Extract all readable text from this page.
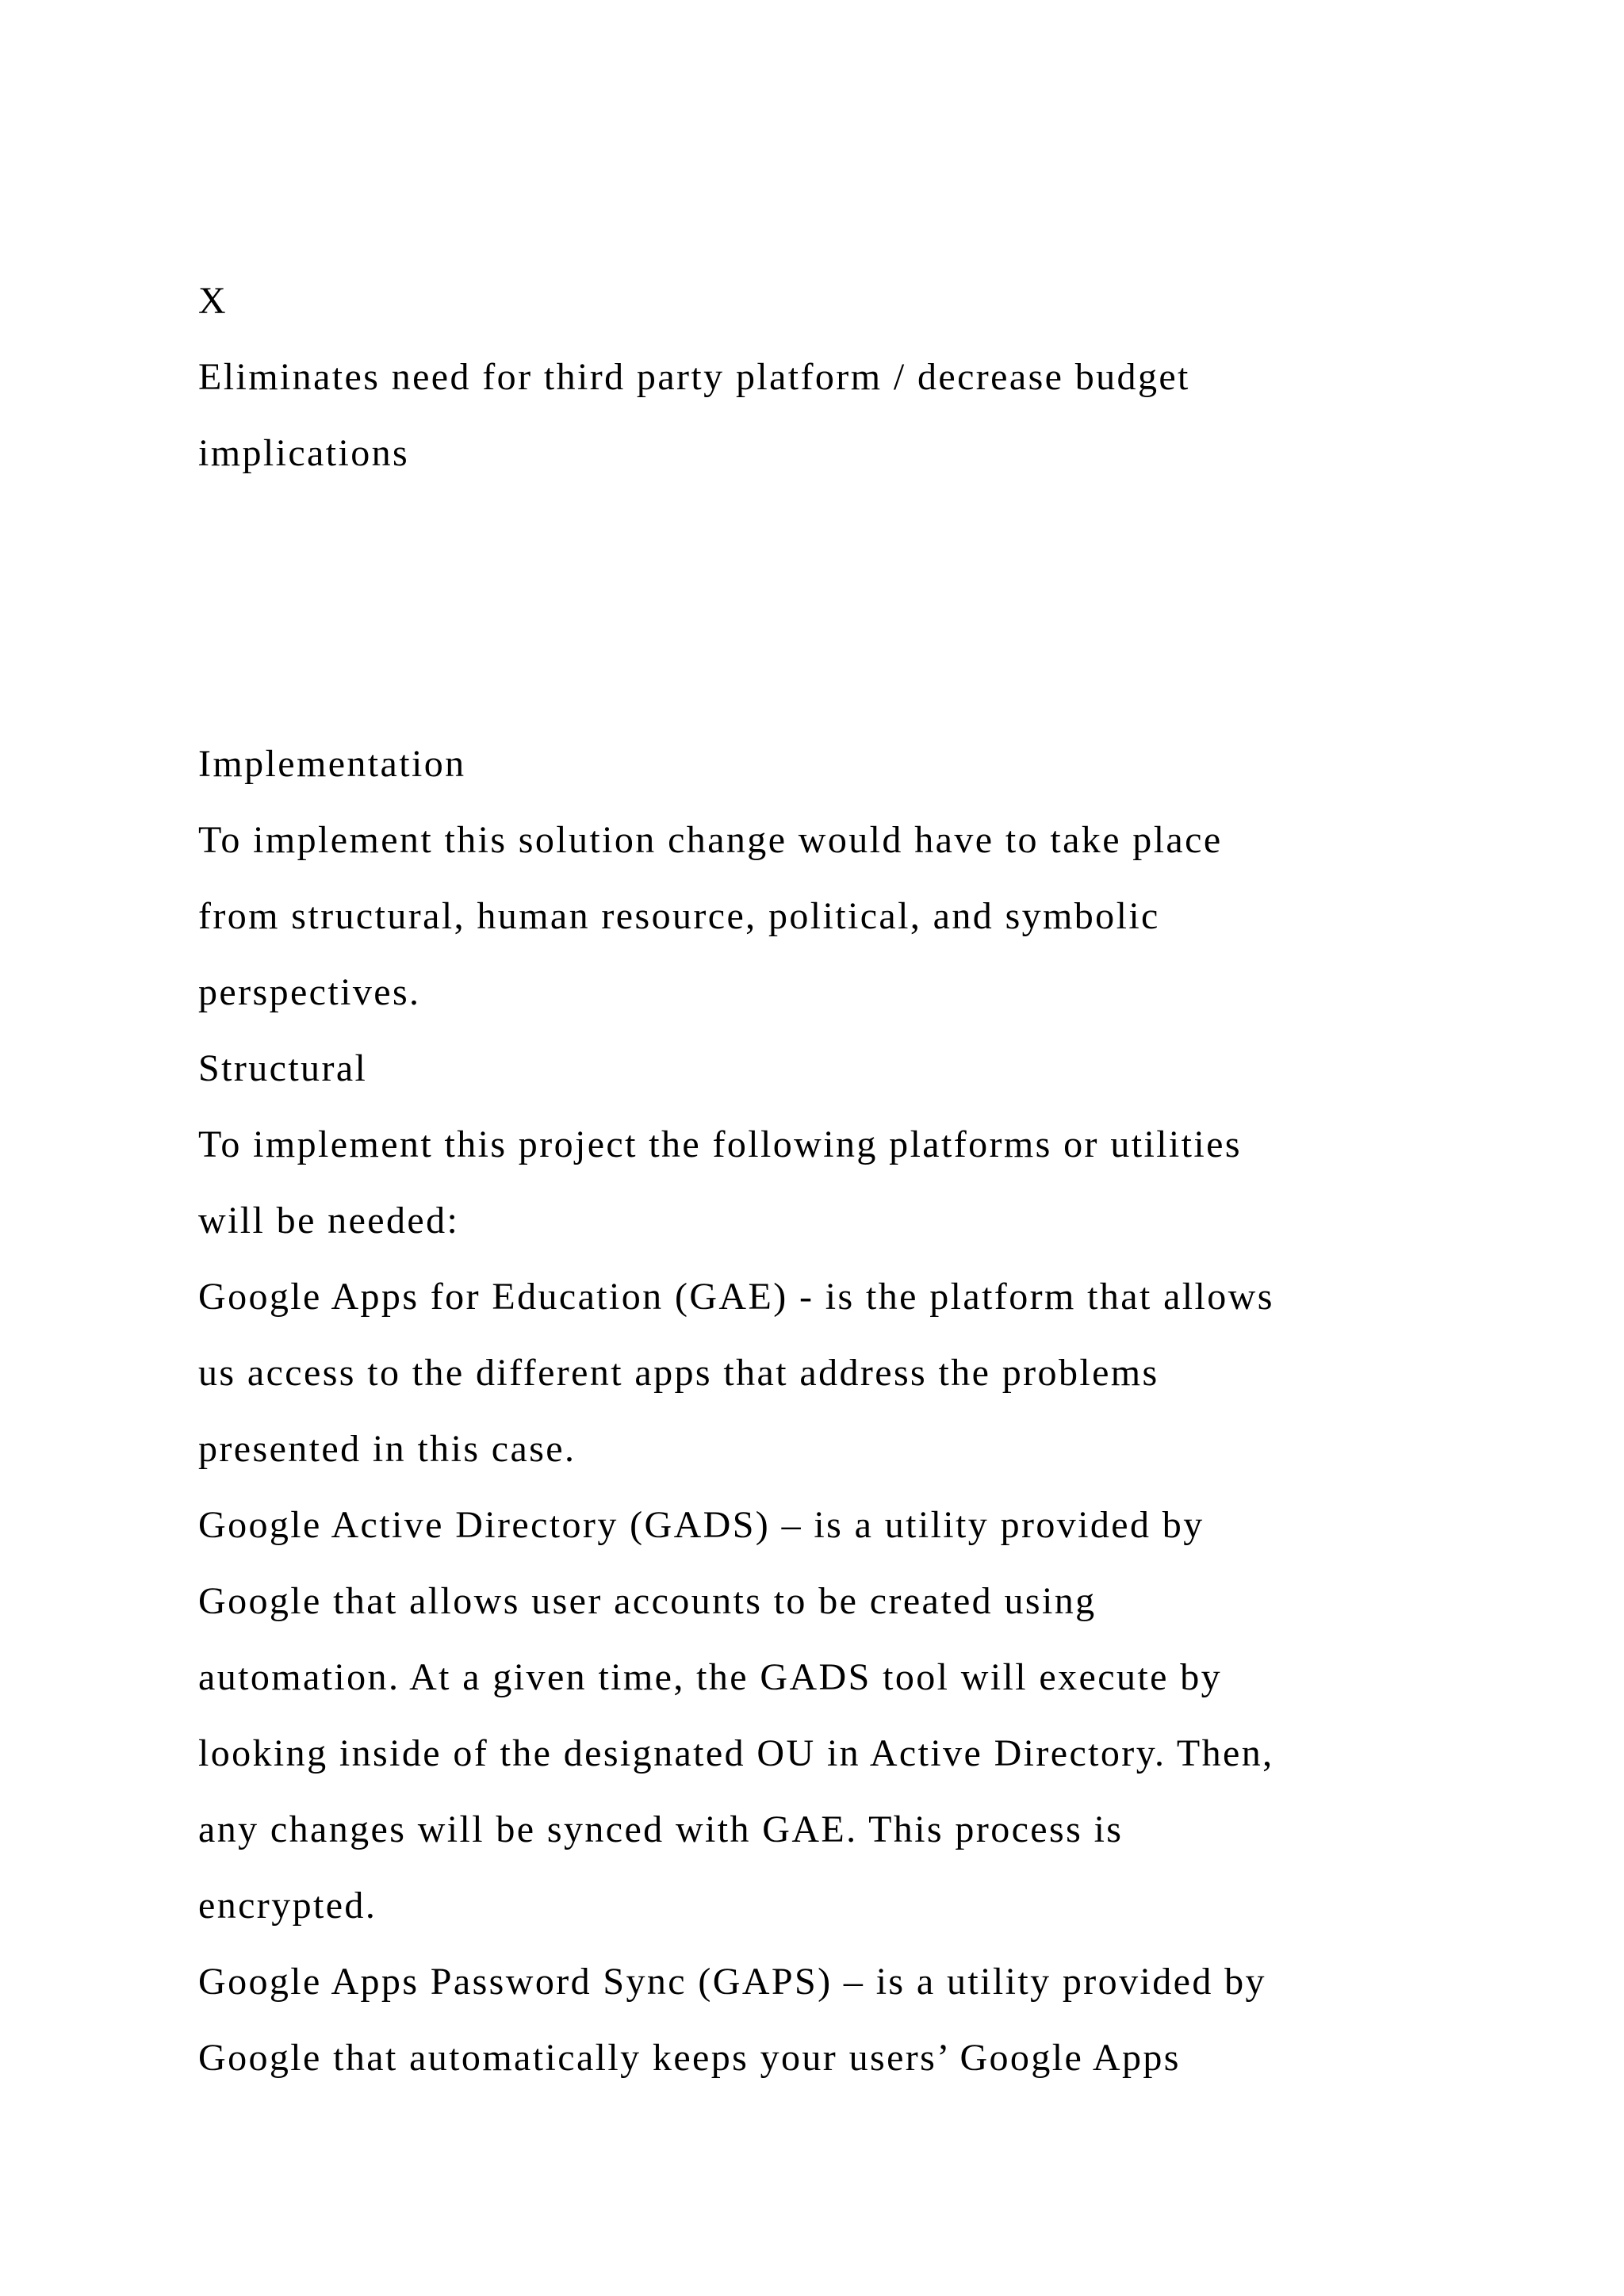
X

Eliminates need for third party platform / decrease budget

implications

Implementation

To implement this solution change would have to take place

from structural, human resource, political, and symbolic

perspectives.

Structural

To implement this project the following platforms or utilities

will be needed:

Google Apps for Education (GAE) - is the platform that allows

us access to the different apps that address the problems

presented in this case.

Google Active Directory (GADS) – is a utility provided by

Google that allows user accounts to be created using

automation. At a given time, the GADS tool will execute by

looking inside of the designated OU in Active Directory. Then,

any changes will be synced with GAE. This process is

encrypted.

Google Apps Password Sync (GAPS) – is a utility provided by

Google that automatically keeps your users’ Google Apps
